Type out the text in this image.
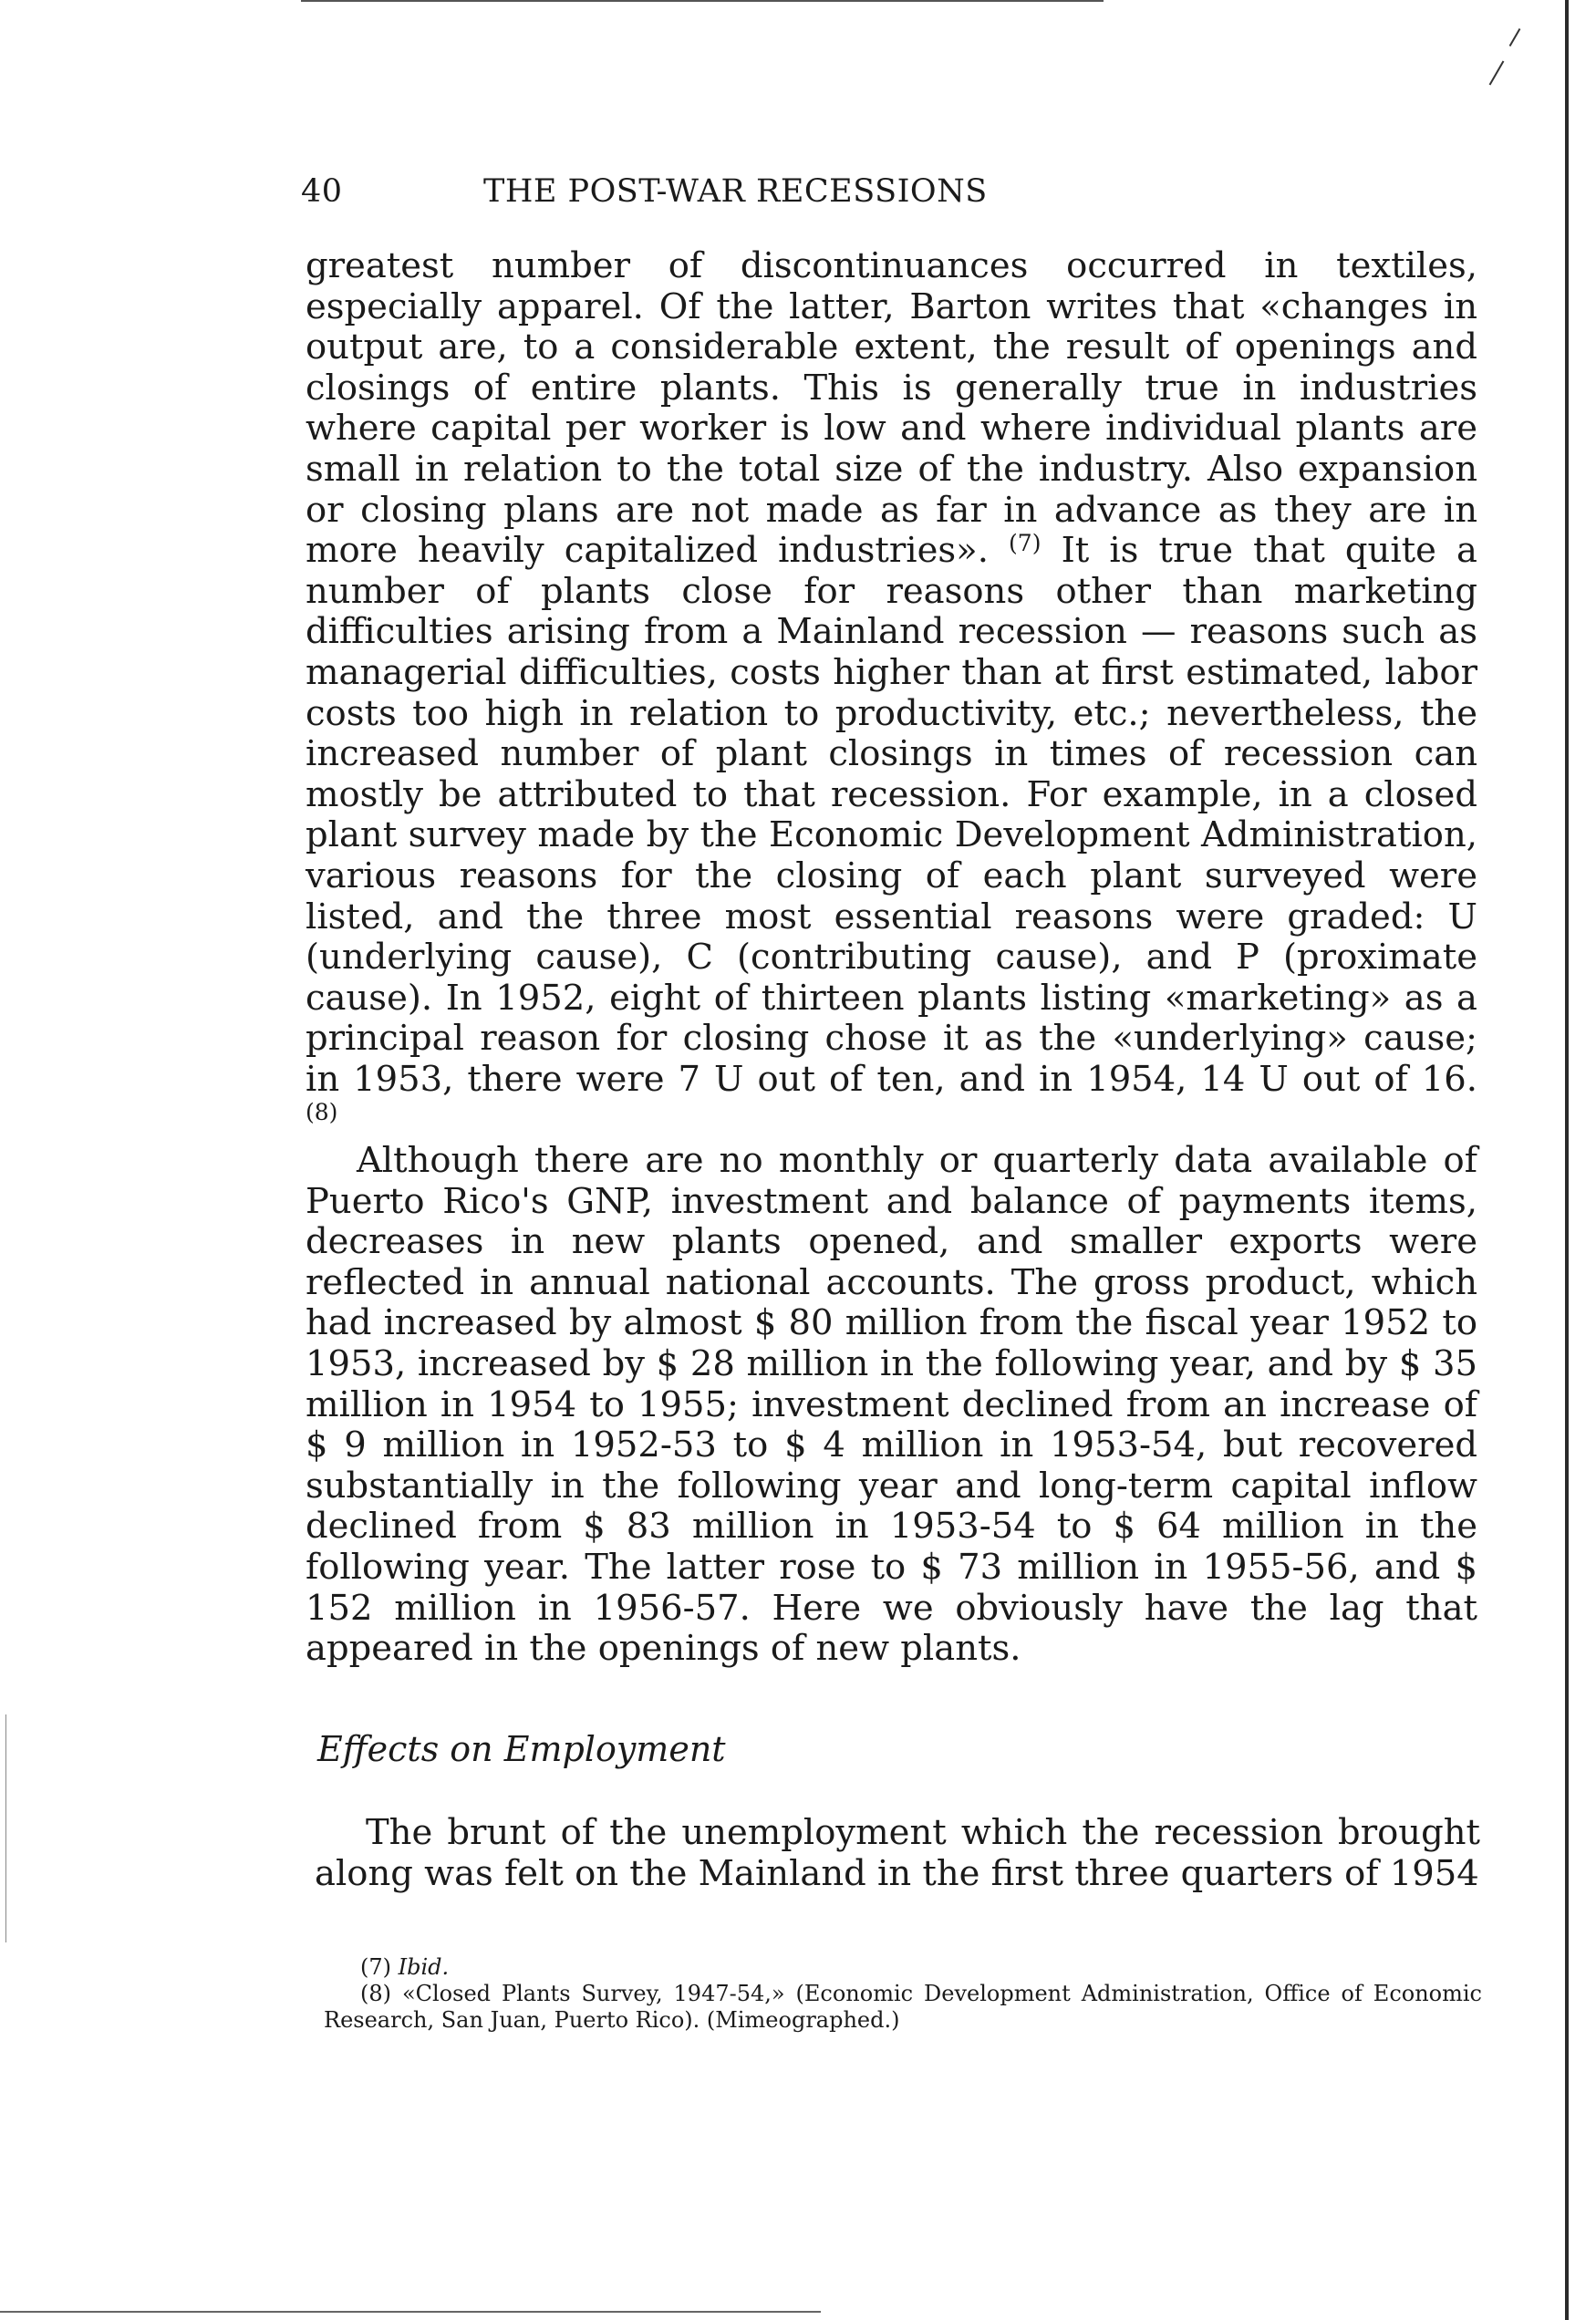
40	THE POST-WAR RECESSIONS

greatest number of discontinuances occurred in textiles, especially apparel. Of the latter, Barton writes that «changes in output are, to a considerable extent, the result of openings and closings of entire plants. This is generally true in industries where capital per worker is low and where individual plants are small in relation to the total size of the industry. Also expansion or closing plans are not made as far in advance as they are in more heavily capitalized industries». $^{(7)}$ It is true that quite a number of plants close for reasons other than marketing difficulties arising from a Mainland recession — reasons such as managerial difficulties, costs higher than at first estimated, labor costs too high in relation to productivity, etc.; nevertheless, the increased number of plant closings in times of recession can mostly be attributed to that recession. For example, in a closed plant survey made by the Economic Development Administration, various reasons for the closing of each plant surveyed were listed, and the three most essential reasons were graded: U (underlying cause), C (contributing cause), and P (proximate cause). In 1952, eight of thirteen plants listing «marketing» as a principal reason for closing chose it as the «underlying» cause; in 1953, there were 7 U out of ten, and in 1954, 14 U out of 16. $^{(8)}$

Although there are no monthly or quarterly data available of Puerto Rico's GNP, investment and balance of payments items, decreases in new plants opened, and smaller exports were reflected in annual national accounts. The gross product, which had increased by almost $ 80 million from the fiscal year 1952 to 1953, increased by $ 28 million in the following year, and by $ 35 million in 1954 to 1955; investment declined from an increase of $ 9 million in 1952-53 to $ 4 million in 1953-54, but recovered substantially in the following year and long-term capital inflow declined from $ 83 million in 1953-54 to $ 64 million in the following year. The latter rose to $ 73 million in 1955-56, and $ 152 million in 1956-57. Here we obviously have the lag that appeared in the openings of new plants.

Effects on Employment

The brunt of the unemployment which the recession brought along was felt on the Mainland in the first three quarters of 1954

(7) Ibid.

(8) «Closed Plants Survey, 1947-54,» (Economic Development Administration, Office of Economic Research, San Juan, Puerto Rico). (Mimeographed.)
